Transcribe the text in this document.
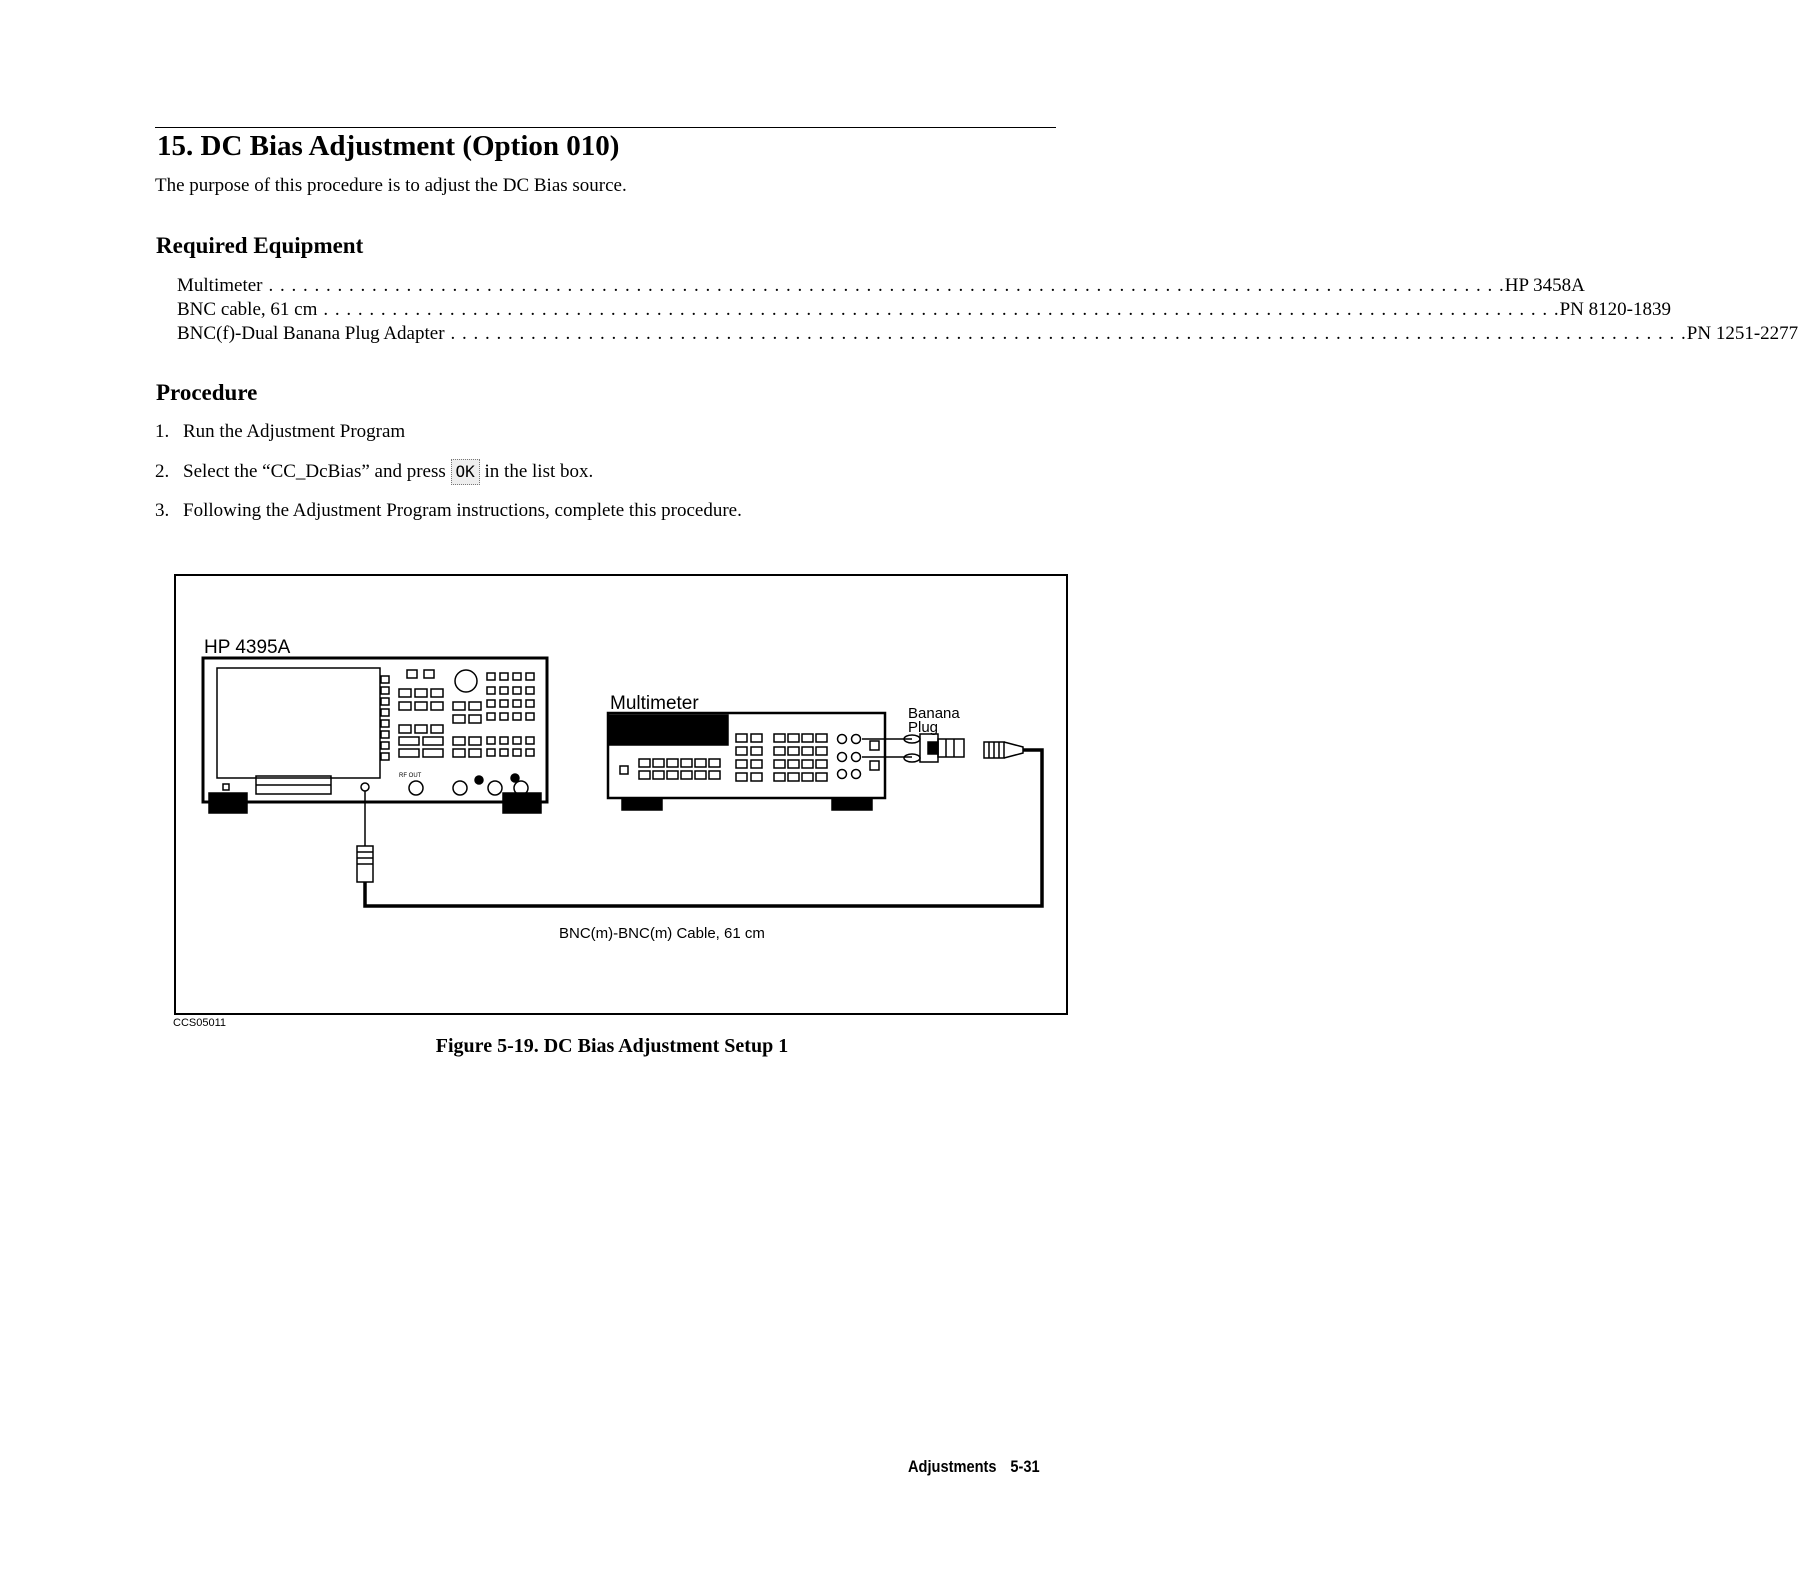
15. DC Bias Adjustment (Option 010)
The purpose of this procedure is to adjust the DC Bias source.
Required Equipment
Multimeter . . . . . . . . . . . . . . . . . . . . . . . . . . . . . . . . . . . . . . . . . . . . . . . . . . . . . . . . . . . . . . . . . . . . . . . . . . . . . . . . . . . . . . . . . . . . . . . . . . . . . . . . . . . . HP 3458A
BNC cable, 61 cm . . . . . . . . . . . . . . . . . . . . . . . . . . . . . . . . . . . . . . . . . . . . . . . . . . . . . . . . . . . . . . . . . . . . . . . . . . . . . . . . . . . . . . . . . . . . . . . . . . . . . . . . . . . . PN 8120-1839
BNC(f)-Dual Banana Plug Adapter . . . . . . . . . . . . . . . . . . . . . . . . . . . . . . . . . . . . . . . . . . . . . . . . . . . . . . . . . . . . . . . . . . . . . . . . . . . . . . . . . . . . . . . . . . . . . . . . . . . . . . . . . . . . PN 1251-2277
Procedure
1. Run the Adjustment Program
2. Select the “CC_DcBias” and press OK in the list box.
3. Following the Adjustment Program instructions, complete this procedure.
HP 4395A
RF OUT
BNC(m)-BNC(m) Cable, 61 cm
Multimeter	Banana
Plug
CCS05011
Figure 5-19. DC Bias Adjustment Setup 1
Adjustments 5-31
